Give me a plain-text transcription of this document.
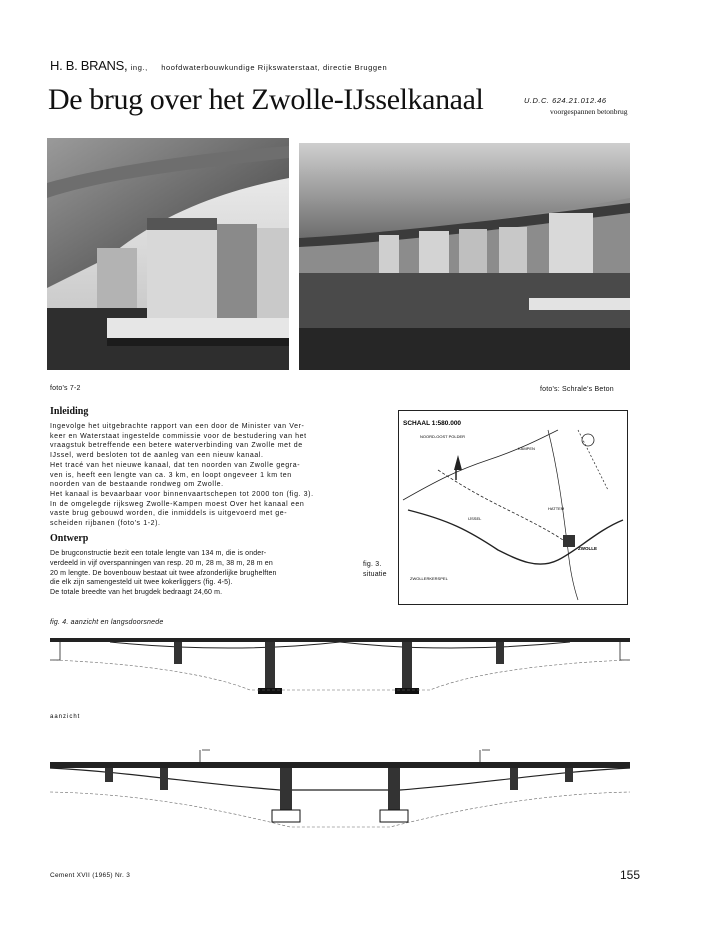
H. B. BRANS, ing., hoofdwaterbouwkundige Rijkswaterstaat, directie Bruggen
De brug over het Zwolle-IJsselkanaal	U.D.C. 624.21.012.46
voorgespannen betonbrug
foto's 7-2	foto's: Schrale's Beton
Inleiding
Ingevolge het uitgebrachte rapport van een door de Minister van Ver-
keer en Waterstaat ingestelde commissie voor de bestudering van het
vraagstuk betreffende een betere waterverbinding van Zwolle met de
IJssel, werd besloten tot de aanleg van een nieuw kanaal.
Het tracé van het nieuwe kanaal, dat ten noorden van Zwolle gegra-
ven is, heeft een lengte van ca. 3 km, en loopt ongeveer 1 km ten
noorden van de bestaande rondweg om Zwolle.
Het kanaal is bevaarbaar voor binnenvaartschepen tot 2000 ton (fig. 3).
In de omgelegde rijksweg Zwolle-Kampen moest Over het kanaal een
vaste brug gebouwd worden, die inmiddels is uitgevoerd met ge-
scheiden rijbanen (foto's 1-2).
Ontwerp
De brugconstructie bezit een totale lengte van 134 m, die is onder-
verdeeld in vijf overspanningen van resp. 20 m, 28 m, 38 m, 28 m en
20 m lengte. De bovenbouw bestaat uit twee afzonderlijke brughelften
die elk zijn samengesteld uit twee kokerliggers (fig. 4-5).
De totale breedte van het brugdek bedraagt 24,60 m.
fig. 3.
situatie
SCHAAL 1:580.000
NOORD-OOST POLDER
ZWOLLE
KAMPEN
IJSSEL
HATTEM
ZWOLLERKERSPEL
fig. 4. aanzicht en langsdoorsnede
aanzicht
Cement XVII (1965) Nr. 3	155
